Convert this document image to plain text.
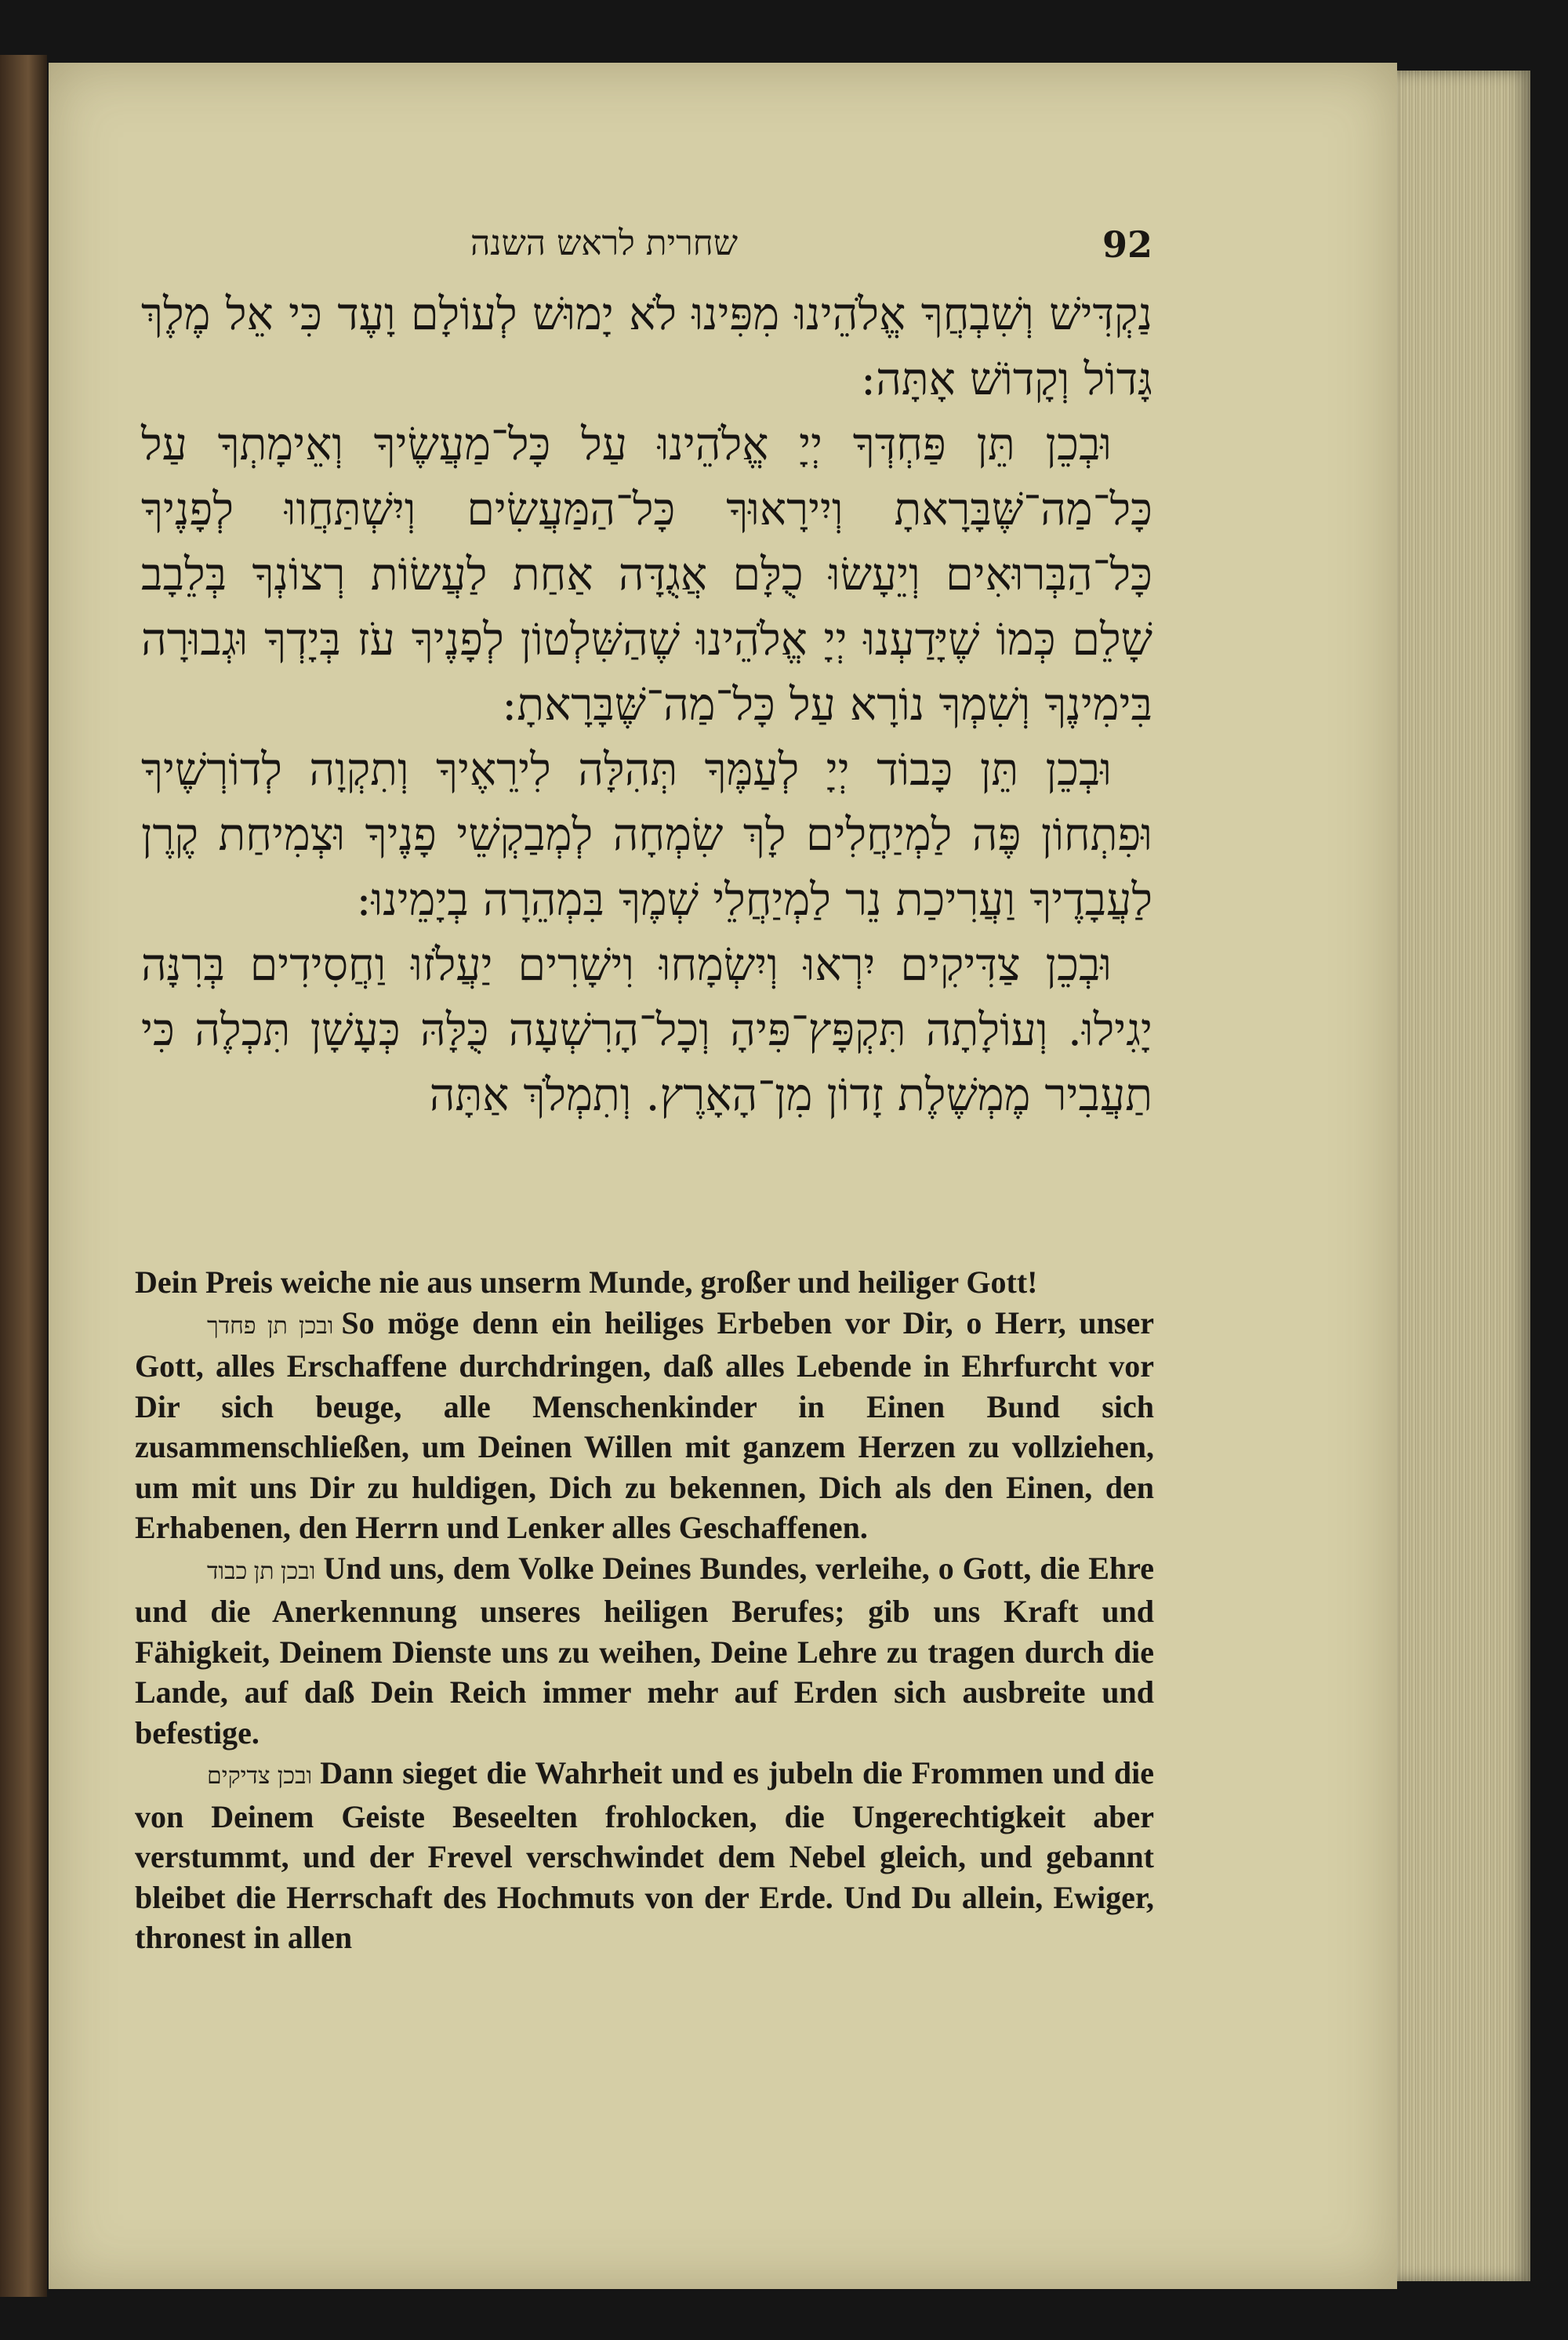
שחרית לראש השנה	92

נַקְדִּישׁ וְשִׁבְחֲךָ אֱלֹהֵינוּ מִפִּינוּ לֹא יָמוּשׁ לְעוֹלָם וָעֶד כִּי אֵל מֶלֶךְ גָּדוֹל וְקָדוֹשׁ אָתָּה:

וּבְכֵן תֵּן פַּחְדְּךָ יְיָ אֱלֹהֵינוּ עַל כָּל־מַעֲשֶׂיךָ וְאֵימָתְךָ עַל כָּל־מַה־שֶּׁבָּרָאתָ וְיִירָאוּךָ כָּל־הַמַּעֲשִׂים וְיִשְׁתַּחֲווּ לְפָנֶיךָ כָּל־הַבְּרוּאִים וְיֵעָשׂוּ כֻלָּם אֲגֻדָּה אַחַת לַעֲשׂוֹת רְצוֹנְךָ בְּלֵבָב שָׁלֵם כְּמוֹ שֶׁיָּדַעְנוּ יְיָ אֱלֹהֵינוּ שֶׁהַשִּׁלְטוֹן לְפָנֶיךָ עֹז בְּיָדְךָ וּגְבוּרָה בִּימִינֶךָ וְשִׁמְךָ נוֹרָא עַל כָּל־מַה־שֶּׁבָּרָאתָ:

וּבְכֵן תֵּן כָּבוֹד יְיָ לְעַמֶּךָ תְּהִלָּה לִירֵאֶיךָ וְתִקְוָה לְדוֹרְשֶׁיךָ וּפִתְחוֹן פֶּה לַמְיַחֲלִים לָךְ שִׂמְחָה לְמְבַקְשֵׁי פָנֶיךָ וּצְמִיחַת קֶרֶן לַעֲבָדֶיךָ וַעֲרִיכַת נֵר לַמְיַחֲלֵי שְׁמֶךָ בִּמְהֵרָה בְיָמֵינוּ:

וּבְכֵן צַדִּיקִים יִרְאוּ וְיִשְׂמָחוּ וִישָׁרִים יַעֲלֹזוּ וַחֲסִידִים בְּרִנָּה יָגִילוּ. וְעוֹלָתָה תִּקְפָּץ־פִּיהָ וְכָל־הָרִשְׁעָה כֻּלָּהּ כְּעָשָׁן תִּכְלֶה כִּי תַעֲבִיר מֶמְשֶׁלֶת זָדוֹן מִן־הָאָרֶץ. וְתִמְלֹךְ אַתָּה

Dein Preis weiche nie aus unserm Munde, großer und heiliger Gott!

ובכן תן פחדך So möge denn ein heiliges Erbeben vor Dir, o Herr, unser Gott, alles Erschaffene durchdringen, daß alles Lebende in Ehrfurcht vor Dir sich beuge, alle Menschenkinder in Einen Bund sich zusammenschließen, um Deinen Willen mit ganzem Herzen zu vollziehen, um mit uns Dir zu huldigen, Dich zu bekennen, Dich als den Einen, den Erhabenen, den Herrn und Lenker alles Geschaffenen.

ובכן תן כבוד Und uns, dem Volke Deines Bundes, verleihe, o Gott, die Ehre und die Anerkennung unseres heiligen Berufes; gib uns Kraft und Fähigkeit, Deinem Dienste uns zu weihen, Deine Lehre zu tragen durch die Lande, auf daß Dein Reich immer mehr auf Erden sich ausbreite und befestige.

ובכן צדיקים Dann sieget die Wahrheit und es jubeln die Frommen und die von Deinem Geiste Beseelten frohlocken, die Ungerechtigkeit aber verstummt, und der Frevel verschwindet dem Nebel gleich, und gebannt bleibet die Herrschaft des Hochmuts von der Erde. Und Du allein, Ewiger, thronest in allen
